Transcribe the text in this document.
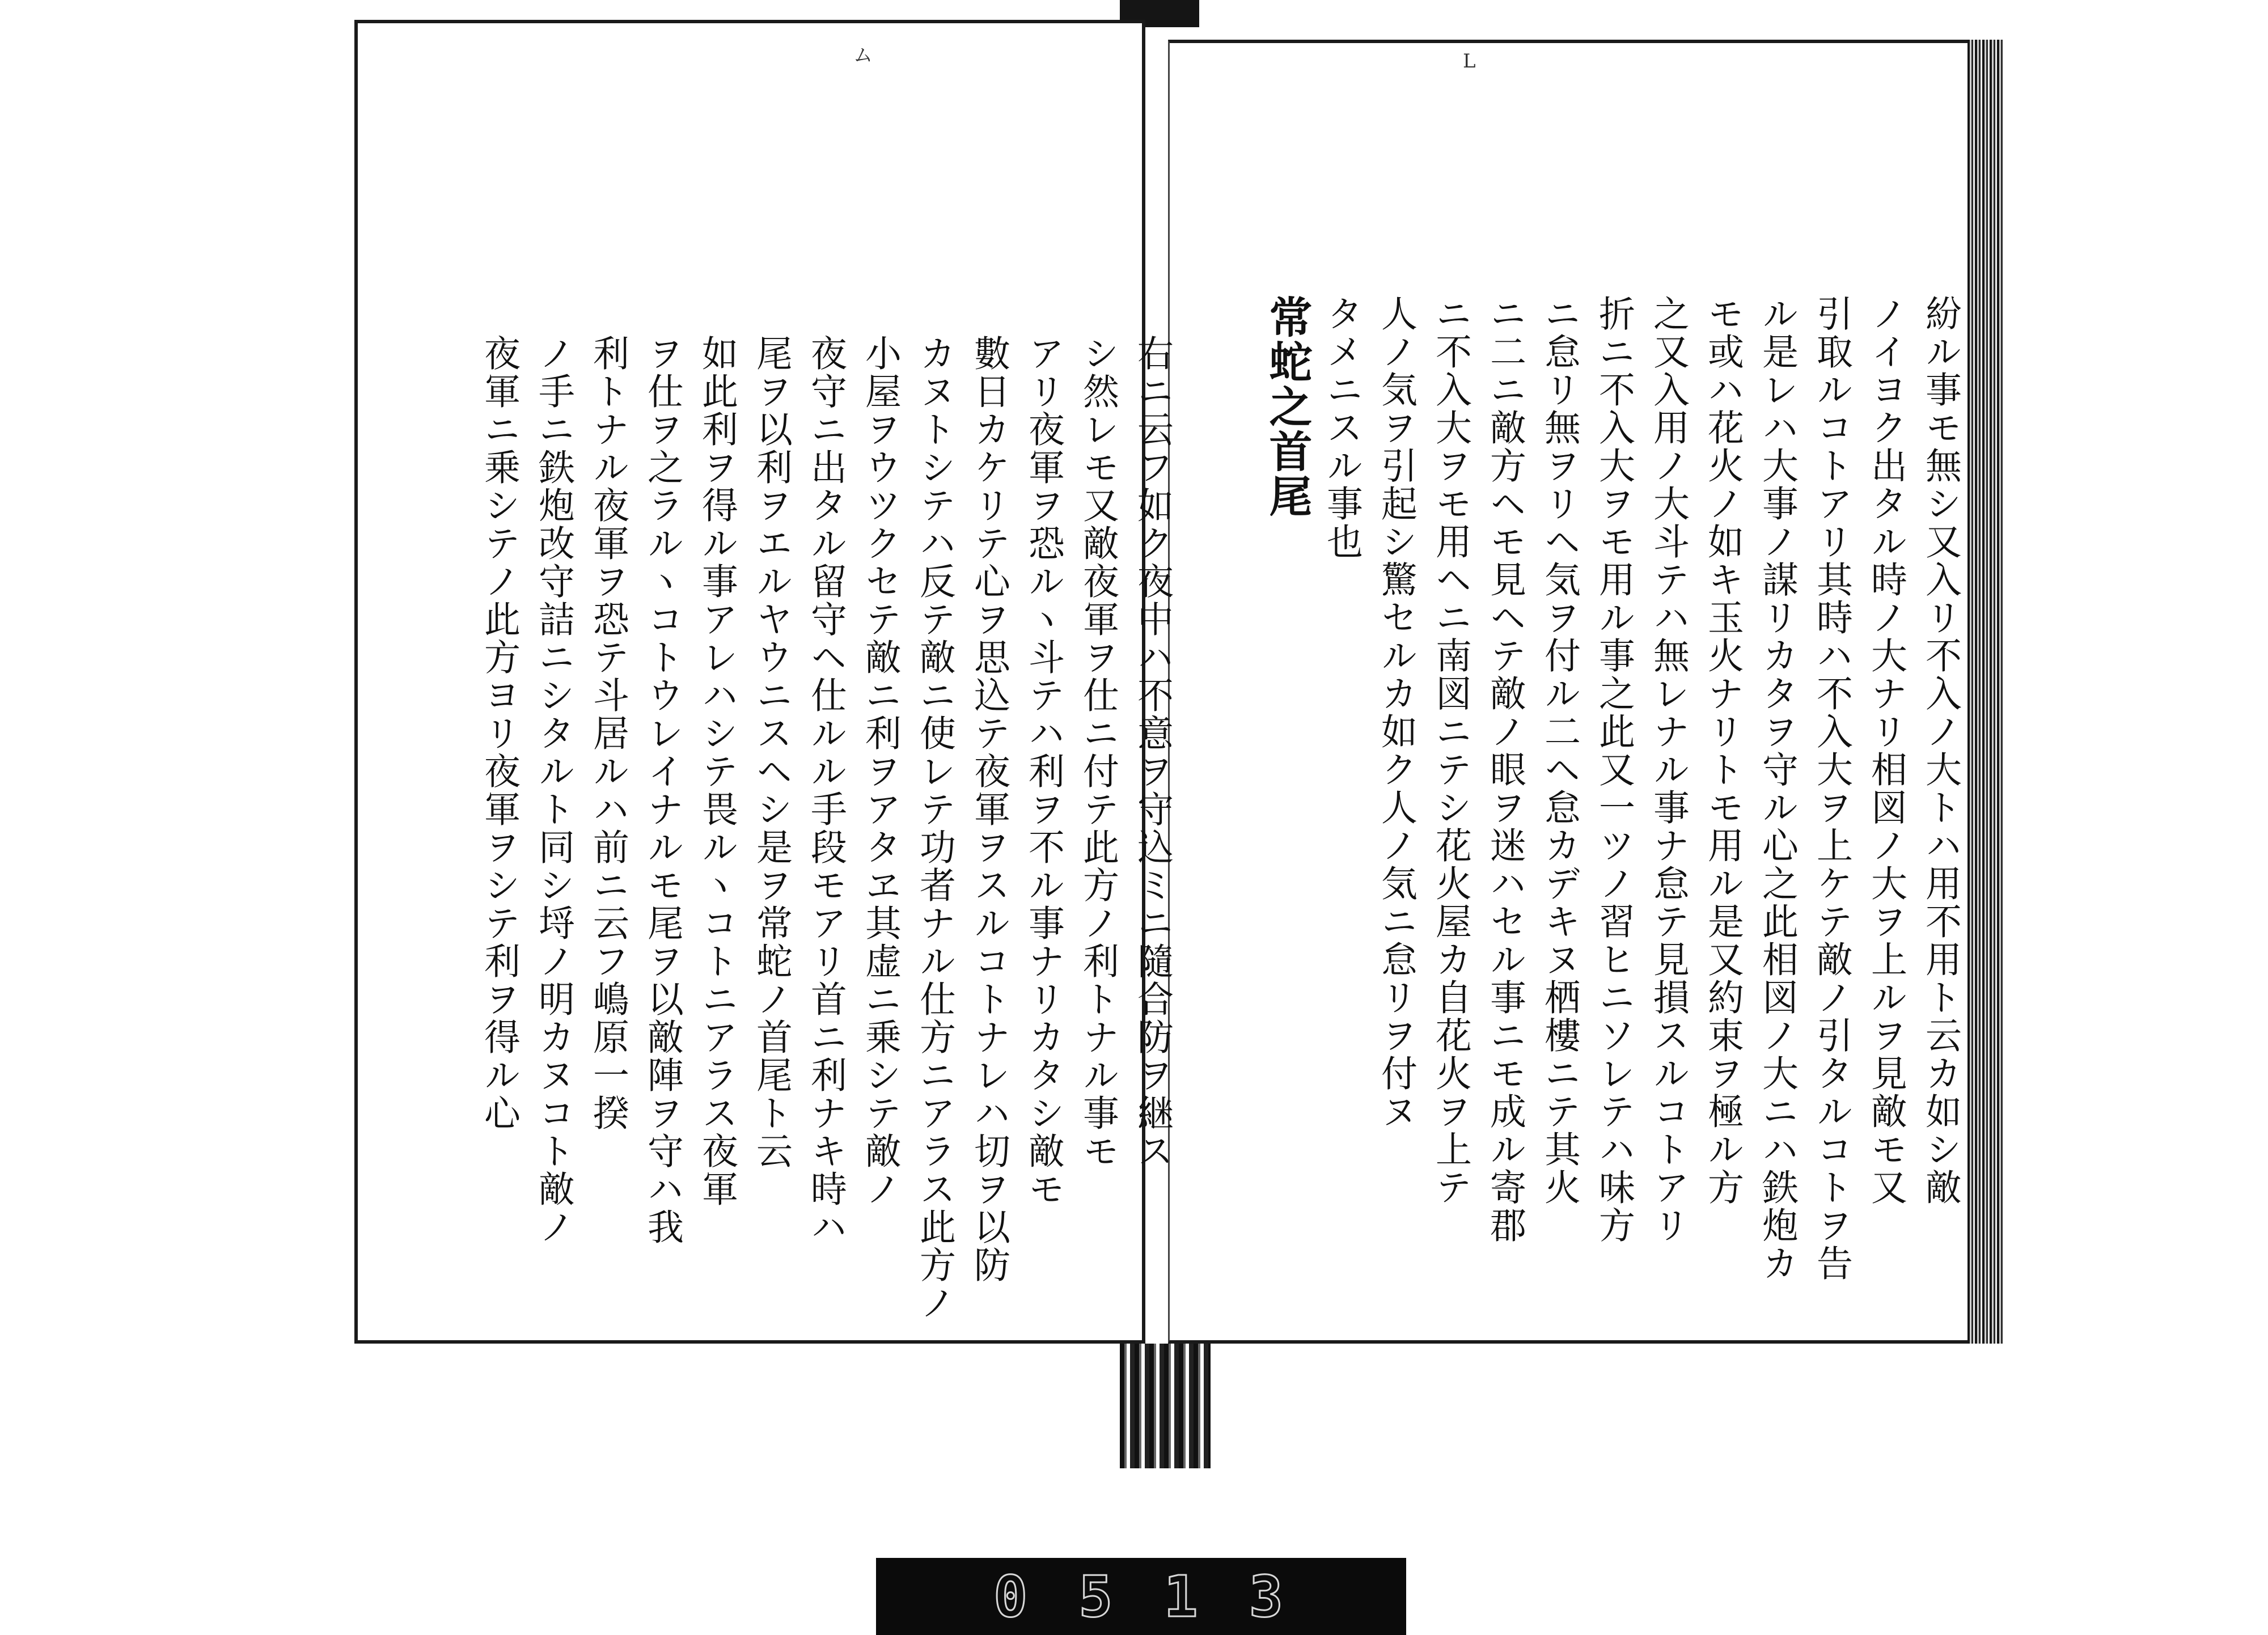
ム	L
右ニ云フ如ク夜中ハ不意ヲ守込ミニ隨合防ヲ継ス
シ然レモ又敵夜軍ヲ仕ニ付テ此方ノ利トナル事モ
アリ夜軍ヲ恐ルヽ斗テハ利ヲ不ル事ナリカタシ敵モ
數日カケリテ心ヲ思込テ夜軍ヲスルコトナレハ切ヲ以防
カヌトシテハ反テ敵ニ使レテ功者ナル仕方ニアラス此方ノ
小屋ヲウツクセテ敵ニ利ヲアタヱ其虚ニ乗シテ敵ノ
夜守ニ出タル留守ヘ仕ルル手段モアリ首ニ利ナキ時ハ
尾ヲ以利ヲエルヤウニスヘシ是ヲ常蛇ノ首尾ト云
如此利ヲ得ル事アレハシテ畏ルヽコトニアラス夜軍
ヲ仕ヲ之ラルヽコトウレイナルモ尾ヲ以敵陣ヲ守ハ我
利トナル夜軍ヲ恐テ斗居ルハ前ニ云フ嶋原一揆
ノ手ニ鉄炮改守詰ニシタルト同シ埒ノ明カヌコト敵ノ
夜軍ニ乗シテノ此方ヨリ夜軍ヲシテ利ヲ得ル心	紛ル事モ無シ又入リ不入ノ大トハ用不用ト云カ如シ敵
ノイヨク出タル時ノ大ナリ相図ノ大ヲ上ルヲ見敵モ又
引取ルコトアリ其時ハ不入大ヲ上ケテ敵ノ引タルコトヲ告
ル是レハ大事ノ謀リカタヲ守ル心之此相図ノ大ニハ鉄炮カ
モ或ハ花火ノ如キ玉火ナリトモ用ル是又約束ヲ極ル方
之又入用ノ大斗テハ無レナル事ナ怠テ見損スルコトアリ
折ニ不入大ヲモ用ル事之此又一ツノ習ヒニソレテハ味方
ニ怠リ無ヲリヘ気ヲ付ル二ヘ怠カデキヌ栖樓ニテ其火
ニ二ニ敵方ヘモ見ヘテ敵ノ眼ヲ迷ハセル事ニモ成ル寄郡
ニ不入大ヲモ用ヘニ南図ニテシ花火屋カ自花火ヲ上テ
人ノ気ヲ引起シ驚セルカ如ク人ノ気ニ怠リヲ付ヌ
タメニスル事也
常蛇之首尾
0 5 1 3
